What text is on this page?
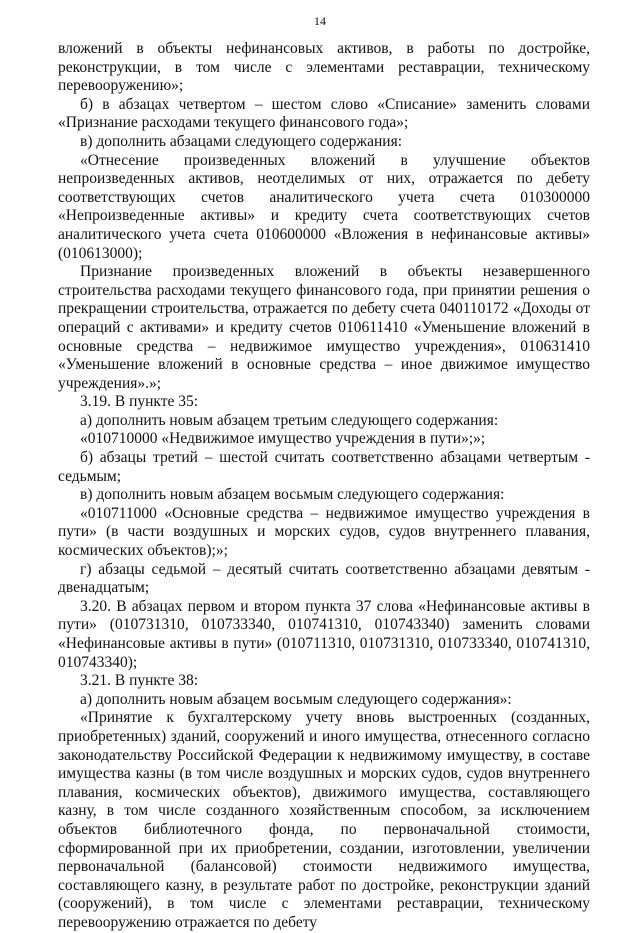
14

вложений в объекты нефинансовых активов, в работы по достройке, реконструкции, в том числе с элементами реставрации, техническому перевооружению»;

б) в абзацах четвертом – шестом слово «Списание» заменить словами «Признание расходами текущего финансового года»;

в) дополнить абзацами следующего содержания:

«Отнесение произведенных вложений в улучшение объектов непроизведенных активов, неотделимых от них, отражается по дебету соответствующих счетов аналитического учета счета 010300000 «Непроизведенные активы» и кредиту счета соответствующих счетов аналитического учета счета 010600000 «Вложения в нефинансовые активы» (010613000);

Признание произведенных вложений в объекты незавершенного строительства расходами текущего финансового года, при принятии решения о прекращении строительства, отражается по дебету счета 040110172 «Доходы от операций с активами» и кредиту счетов 010611410 «Уменьшение вложений в основные средства – недвижимое имущество учреждения», 010631410 «Уменьшение вложений в основные средства – иное движимое имущество учреждения».»;

3.19. В пункте 35:

а) дополнить новым абзацем третьим следующего содержания:

«010710000 «Недвижимое имущество учреждения в пути»;»;

б) абзацы третий – шестой считать соответственно абзацами четвертым - седьмым;

в) дополнить новым абзацем восьмым следующего содержания:

«010711000 «Основные средства – недвижимое имущество учреждения в пути» (в части воздушных и морских судов, судов внутреннего плавания, космических объектов);»;

г) абзацы седьмой – десятый считать соответственно абзацами девятым - двенадцатым;

3.20. В абзацах первом и втором пункта 37 слова «Нефинансовые активы в пути» (010731310, 010733340, 010741310, 010743340) заменить словами «Нефинансовые активы в пути» (010711310, 010731310, 010733340, 010741310, 010743340);

3.21. В пункте 38:

а) дополнить новым абзацем восьмым следующего содержания»:

«Принятие к бухгалтерскому учету вновь выстроенных (созданных, приобретенных) зданий, сооружений и иного имущества, отнесенного согласно законодательству Российской Федерации к недвижимому имуществу, в составе имущества казны (в том числе воздушных и морских судов, судов внутреннего плавания, космических объектов), движимого имущества, составляющего казну, в том числе созданного хозяйственным способом, за исключением объектов библиотечного фонда, по первоначальной стоимости, сформированной при их приобретении, создании, изготовлении, увеличении первоначальной (балансовой) стоимости недвижимого имущества, составляющего казну, в результате работ по достройке, реконструкции зданий (сооружений), в том числе с элементами реставрации, техническому перевооружению отражается по дебету
